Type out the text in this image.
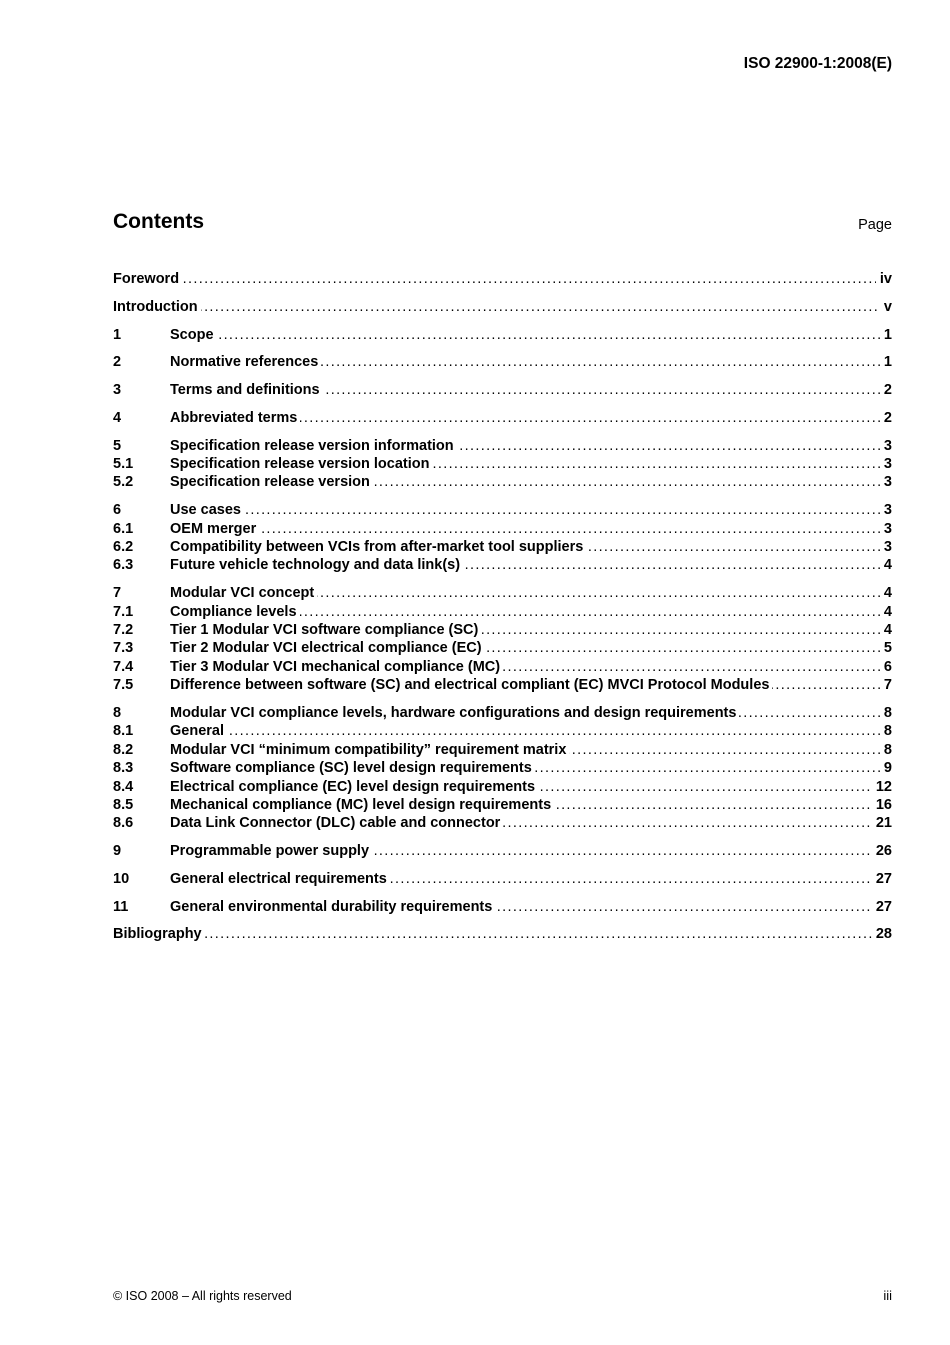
ISO 22900-1:2008(E)
Contents	Page
Foreword	iv
. . .
Introduction	v
. . .
1	Scope	1
. . .
2	Normative references	1
. . .
3	Terms and definitions	2
. . .
4	Abbreviated terms	2
. . .
5	Specification release version information	3
. . .
5.1	Specification release version location	3
. . .
5.2	Specification release version	3
. . .
6	Use cases	3
. . .
6.1	OEM merger	3
. . .
6.2	Compatibility between VCIs from after-market tool suppliers	3
. . .
6.3	Future vehicle technology and data link(s)	4
. . .
7	Modular VCI concept	4
. . .
7.1	Compliance levels	4
. . .
7.2	Tier 1 Modular VCI software compliance (SC)	4
. . .
7.3	Tier 2 Modular VCI electrical compliance (EC)	5
. . .
7.4	Tier 3 Modular VCI mechanical compliance (MC)	6
. . .
7.5	Difference between software (SC) and electrical compliant (EC) MVCI Protocol Modules	7
. . .
8	Modular VCI compliance levels, hardware configurations and design requirements	8
. . .
8.1	General	8
. . .
8.2	Modular VCI “minimum compatibility” requirement matrix	8
. . .
8.3	Software compliance (SC) level design requirements	9
. . .
8.4	Electrical compliance (EC) level design requirements	12
. . .
8.5	Mechanical compliance (MC) level design requirements	16
. . .
8.6	Data Link Connector (DLC) cable and connector	21
. . .
9	Programmable power supply	26
. . .
10	General electrical requirements	27
. . .
11	General environmental durability requirements	27
. . .
Bibliography	28
. . .
© ISO 2008 – All rights reserved	iii
